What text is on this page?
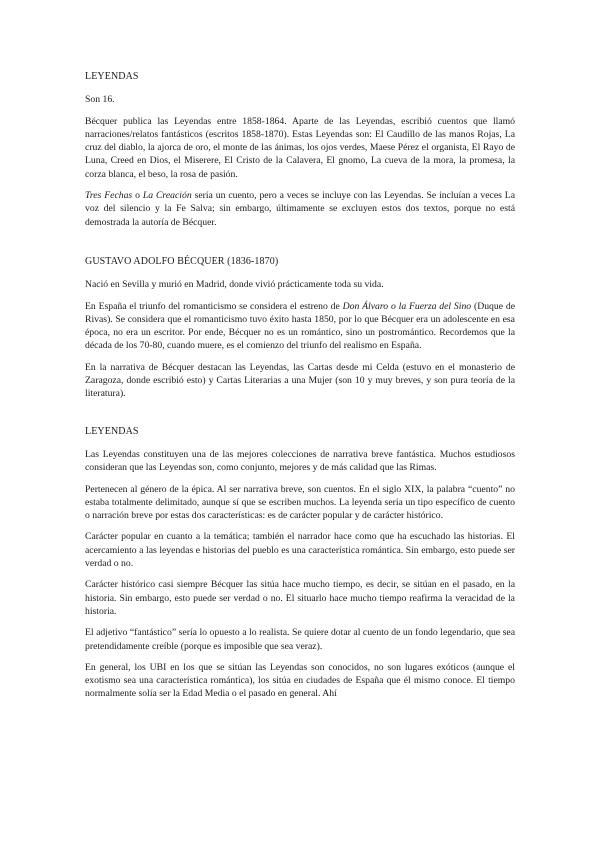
LEYENDAS
Son 16.
Bécquer publica las Leyendas entre 1858-1864. Aparte de las Leyendas, escribió cuentos que llamó narraciones/relatos fantásticos (escritos 1858-1870). Estas Leyendas son: El Caudillo de las manos Rojas, La cruz del diablo, la ajorca de oro, el monte de las ánimas, los ojos verdes, Maese Pérez el organista, El Rayo de Luna, Creed en Dios, el Miserere, El Cristo de la Calavera, El gnomo, La cueva de la mora, la promesa, la corza blanca, el beso, la rosa de pasión.
Tres Fechas o La Creación sería un cuento, pero a veces se incluye con las Leyendas. Se incluían a veces La voz del silencio y la Fe Salva; sin embargo, últimamente se excluyen estos dos textos, porque no está demostrada la autoría de Bécquer.
GUSTAVO ADOLFO BÉCQUER (1836-1870)
Nació en Sevilla y murió en Madrid, donde vivió prácticamente toda su vida.
En España el triunfo del romanticismo se considera el estreno de Don Álvaro o la Fuerza del Sino (Duque de Rivas). Se considera que el romanticismo tuvo éxito hasta 1850, por lo que Bécquer era un adolescente en esa época, no era un escritor. Por ende, Bécquer no es un romántico, sino un postromántico. Recordemos que la década de los 70-80, cuando muere, es el comienzo del triunfo del realismo en España.
En la narrativa de Bécquer destacan las Leyendas, las Cartas desde mi Celda (estuvo en el monasterio de Zaragoza, donde escribió esto) y Cartas Literarias a una Mujer (son 10 y muy breves, y son pura teoría de la literatura).
LEYENDAS
Las Leyendas constituyen una de las mejores colecciones de narrativa breve fantástica. Muchos estudiosos consideran que las Leyendas son, como conjunto, mejores y de más calidad que las Rimas.
Pertenecen al género de la épica. Al ser narrativa breve, son cuentos. En el siglo XIX, la palabra “cuento” no estaba totalmente delimitado, aunque sí que se escriben muchos. La leyenda sería un tipo específico de cuento o narración breve por estas dos características: es de carácter popular y de carácter histórico.
Carácter popular en cuanto a la temática; también el narrador hace como que ha escuchado las historias. El acercamiento a las leyendas e historias del pueblo es una característica romántica. Sin embargo, esto puede ser verdad o no.
Carácter histórico casi siempre Bécquer las sitúa hace mucho tiempo, es decir, se sitúan en el pasado, en la historia. Sin embargo, esto puede ser verdad o no. El situarlo hace mucho tiempo reafirma la veracidad de la historia.
El adjetivo “fantástico” sería lo opuesto a lo realista. Se quiere dotar al cuento de un fondo legendario, que sea pretendidamente creíble (porque es imposible que sea veraz).
En general, los UBI en los que se sitúan las Leyendas son conocidos, no son lugares exóticos (aunque el exotismo sea una característica romántica), los sitúa en ciudades de España que él mismo conoce. El tiempo normalmente solía ser la Edad Media o el pasado en general. Ahí
